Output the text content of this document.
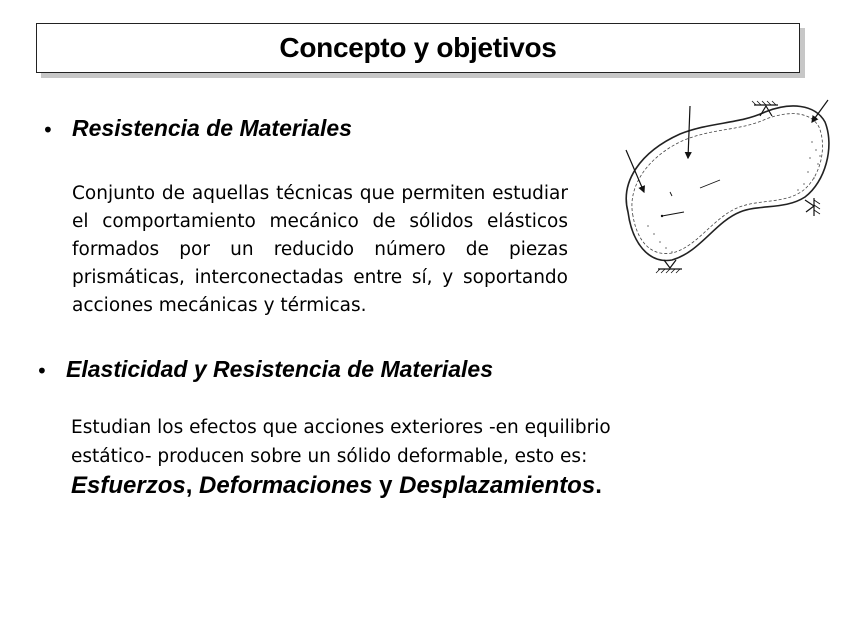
Concepto y objetivos
• Resistencia de Materiales
Conjunto de aquellas técnicas que permiten estudiar el comportamiento mecánico de sólidos elásticos formados por un reducido número de piezas prismáticas, interconectadas entre sí, y soportando acciones mecánicas y térmicas.
• Elasticidad y Resistencia de Materiales
Estudian los efectos que acciones exteriores -en equilibrio estático- producen sobre un sólido deformable, esto es: Esfuerzos, Deformaciones y Desplazamientos.
